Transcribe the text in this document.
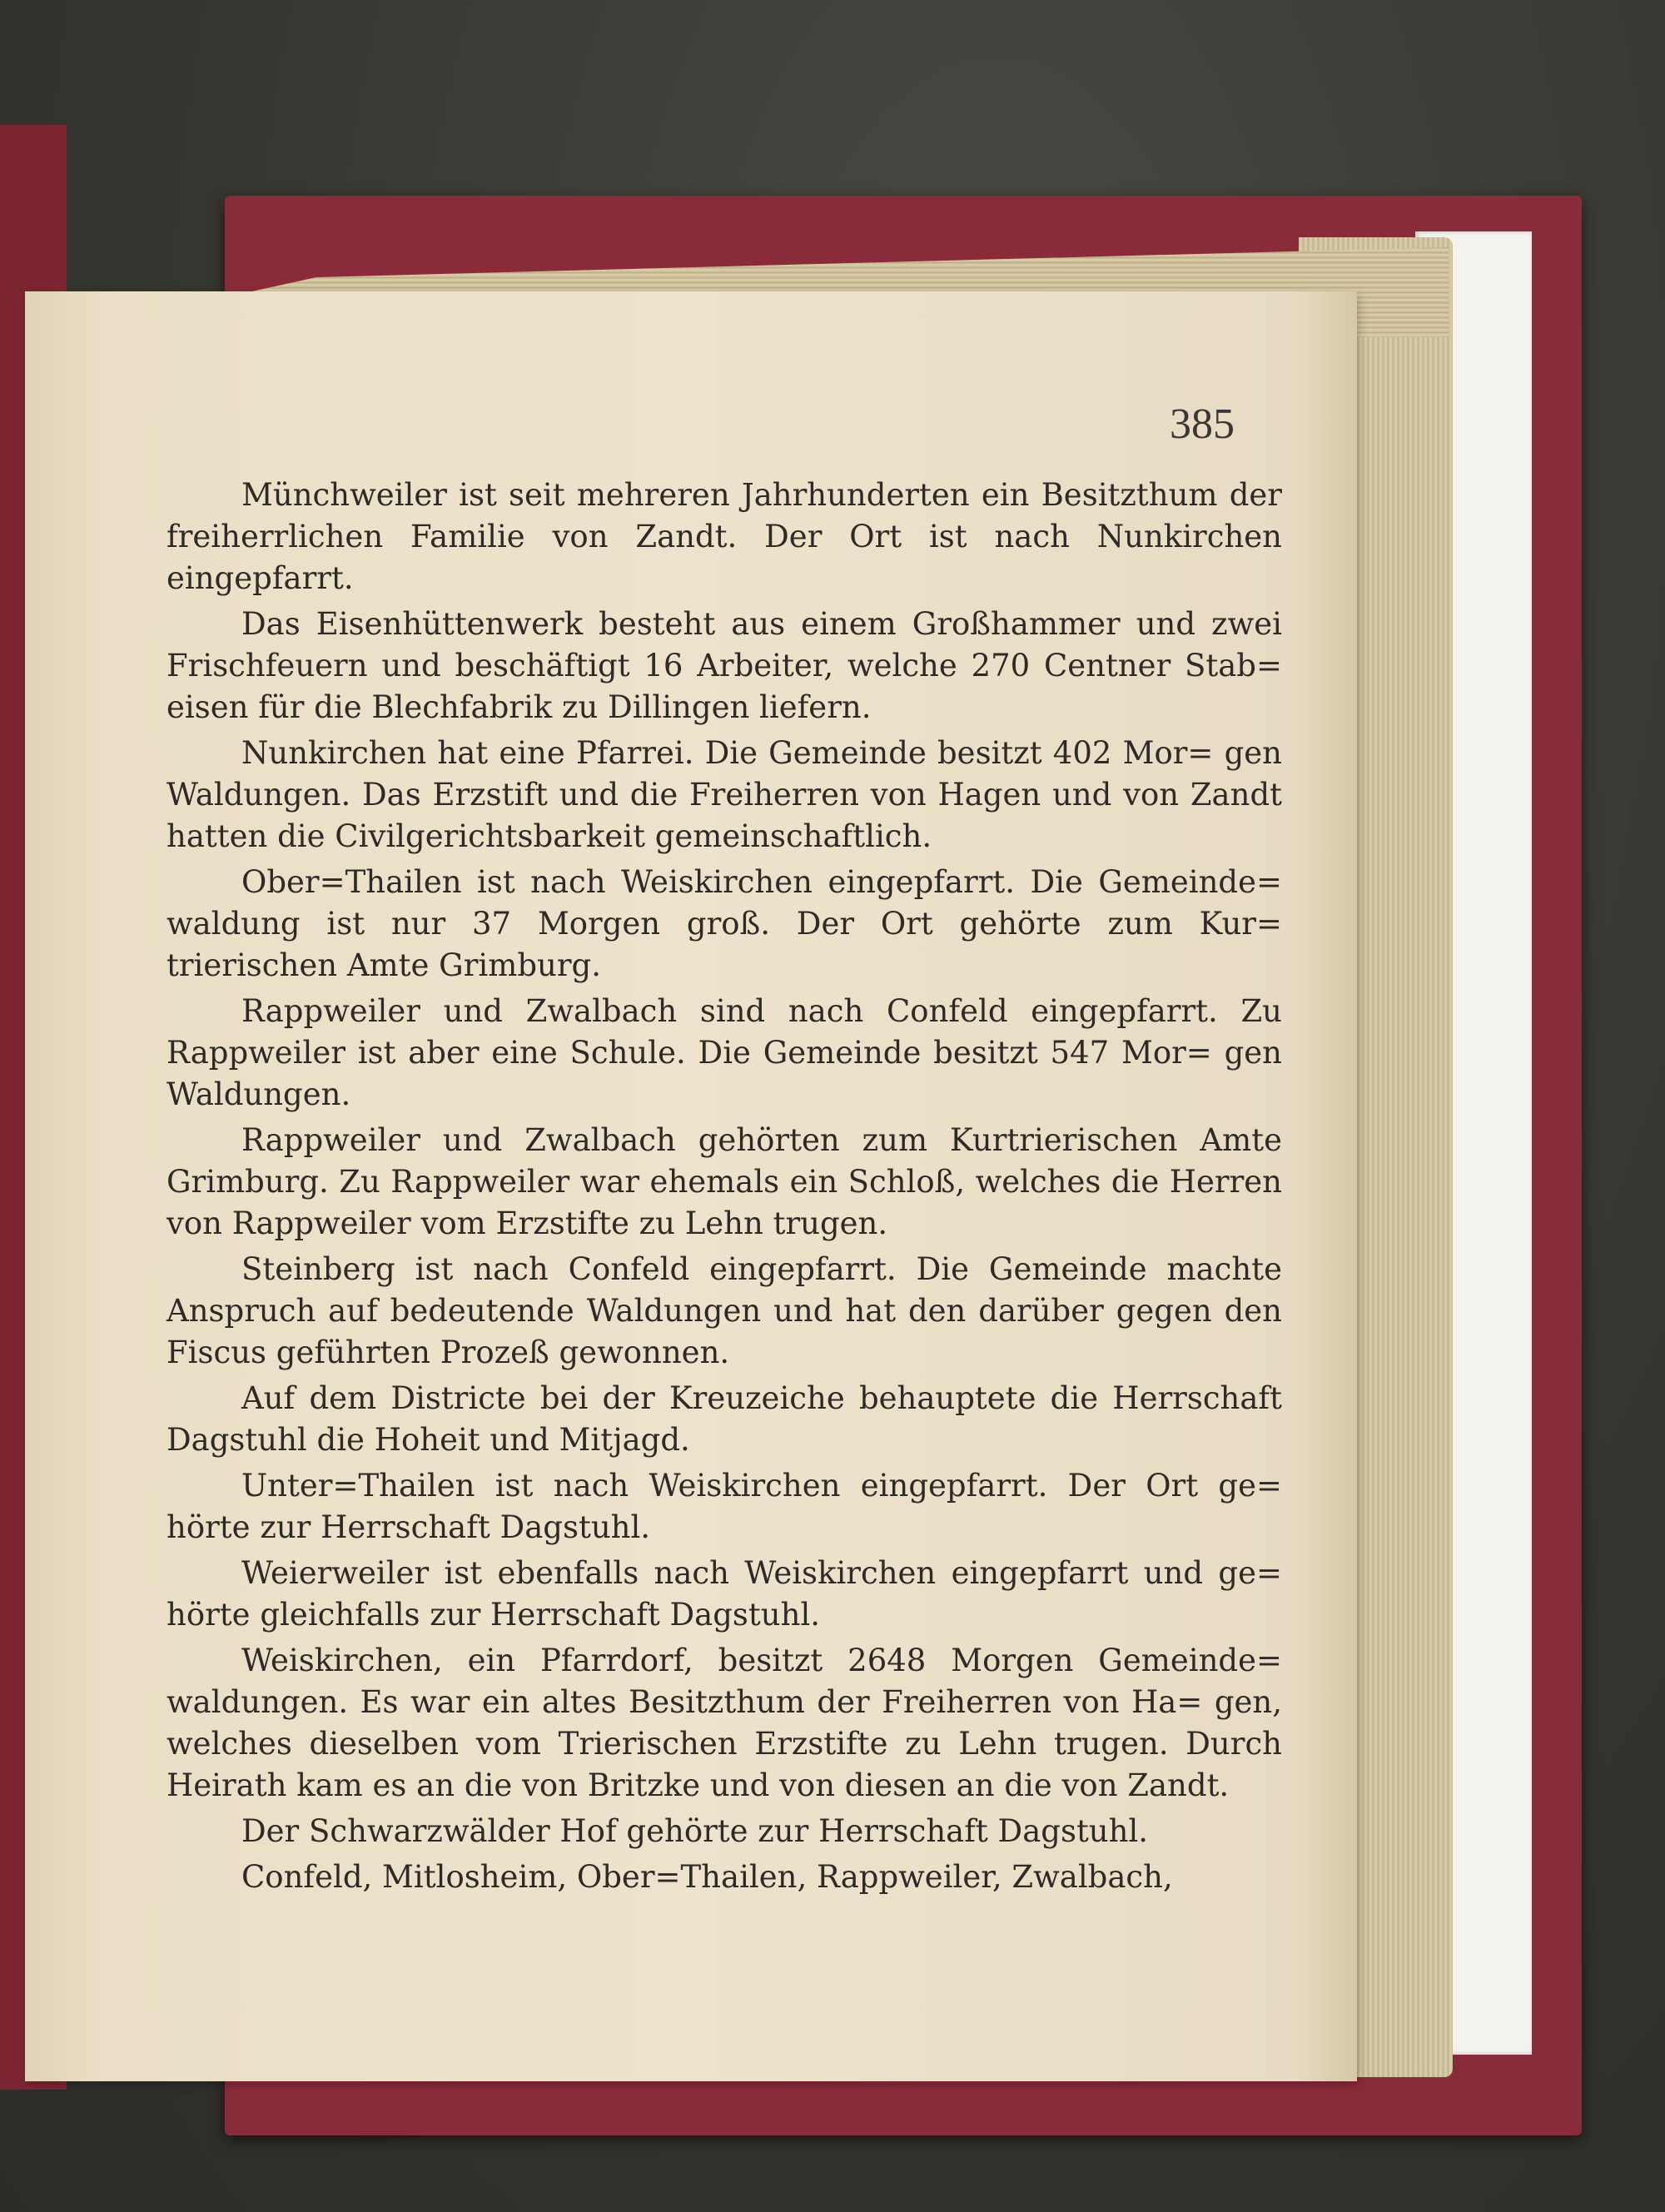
385

Münchweiler ist seit mehreren Jahrhunderten ein Besitzthum der freiherrlichen Familie von Zandt. Der Ort ist nach Nunkirchen eingepfarrt.

Das Eisenhüttenwerk besteht aus einem Großhammer und zwei Frischfeuern und beschäftigt 16 Arbeiter, welche 270 Centner Stab= eisen für die Blechfabrik zu Dillingen liefern.

Nunkirchen hat eine Pfarrei. Die Gemeinde besitzt 402 Mor= gen Waldungen. Das Erzstift und die Freiherren von Hagen und von Zandt hatten die Civilgerichtsbarkeit gemeinschaftlich.

Ober=Thailen ist nach Weiskirchen eingepfarrt. Die Gemeinde= waldung ist nur 37 Morgen groß. Der Ort gehörte zum Kur= trierischen Amte Grimburg.

Rappweiler und Zwalbach sind nach Confeld eingepfarrt. Zu Rappweiler ist aber eine Schule. Die Gemeinde besitzt 547 Mor= gen Waldungen.

Rappweiler und Zwalbach gehörten zum Kurtrierischen Amte Grimburg. Zu Rappweiler war ehemals ein Schloß, welches die Herren von Rappweiler vom Erzstifte zu Lehn trugen.

Steinberg ist nach Confeld eingepfarrt. Die Gemeinde machte Anspruch auf bedeutende Waldungen und hat den darüber gegen den Fiscus geführten Prozeß gewonnen.

Auf dem Districte bei der Kreuzeiche behauptete die Herrschaft Dagstuhl die Hoheit und Mitjagd.

Unter=Thailen ist nach Weiskirchen eingepfarrt. Der Ort ge= hörte zur Herrschaft Dagstuhl.

Weierweiler ist ebenfalls nach Weiskirchen eingepfarrt und ge= hörte gleichfalls zur Herrschaft Dagstuhl.

Weiskirchen, ein Pfarrdorf, besitzt 2648 Morgen Gemeinde= waldungen. Es war ein altes Besitzthum der Freiherren von Ha= gen, welches dieselben vom Trierischen Erzstifte zu Lehn trugen. Durch Heirath kam es an die von Britzke und von diesen an die von Zandt.

Der Schwarzwälder Hof gehörte zur Herrschaft Dagstuhl.

Confeld, Mitlosheim, Ober=Thailen, Rappweiler, Zwalbach,
